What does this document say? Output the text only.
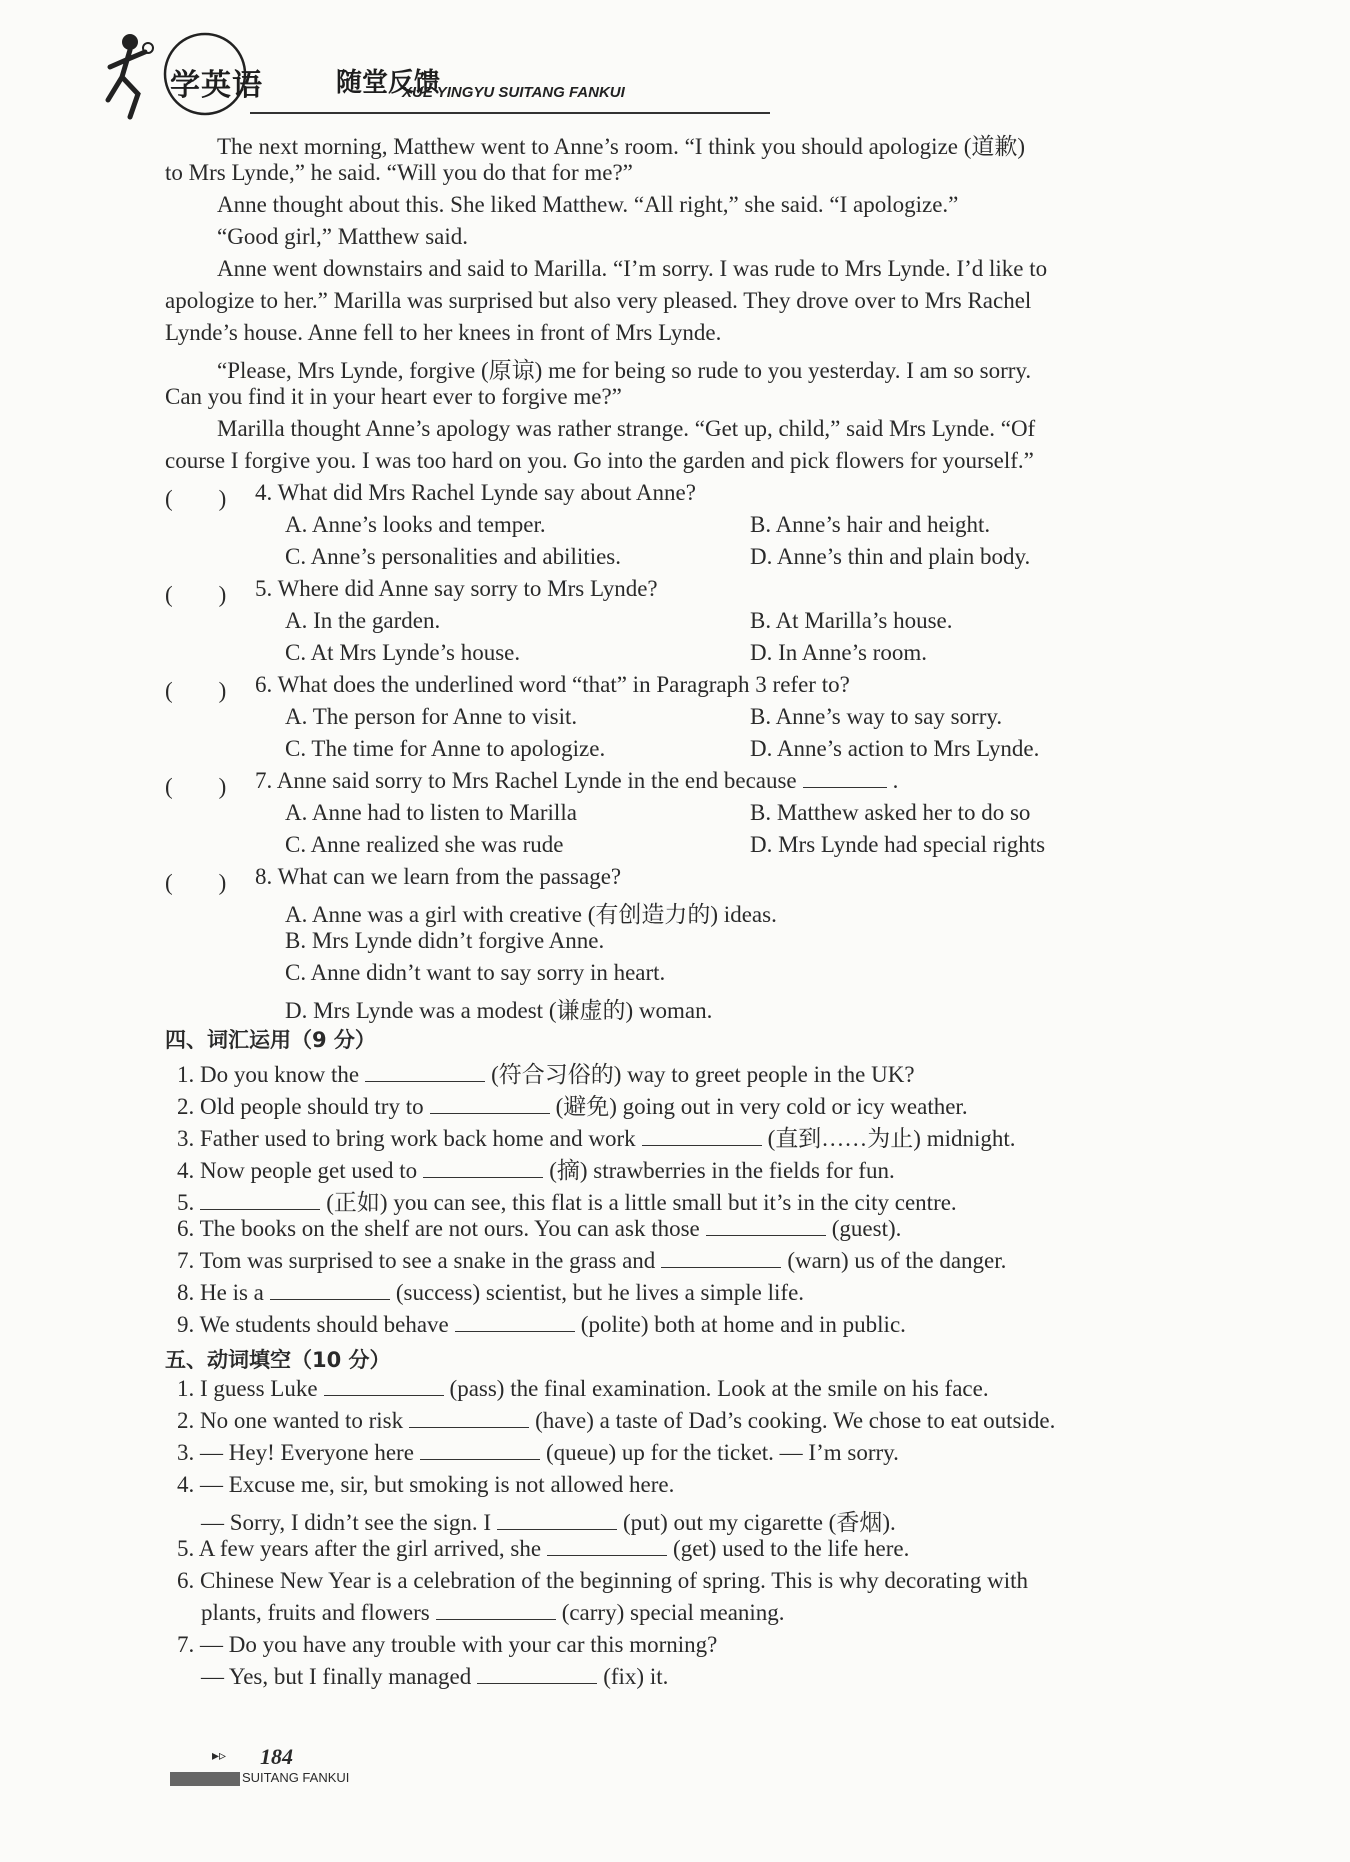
学英语	随堂反馈
XUE YINGYU SUITANG FANKUI
The next morning, Matthew went to Anne’s room. “I think you should apologize (道歉)
to Mrs Lynde,” he said. “Will you do that for me?”
Anne thought about this. She liked Matthew. “All right,” she said. “I apologize.”
“Good girl,” Matthew said.
Anne went downstairs and said to Marilla. “I’m sorry. I was rude to Mrs Lynde. I’d like to
apologize to her.” Marilla was surprised but also very pleased. They drove over to Mrs Rachel
Lynde’s house. Anne fell to her knees in front of Mrs Lynde.
“Please, Mrs Lynde, forgive (原谅) me for being so rude to you yesterday. I am so sorry.
Can you find it in your heart ever to forgive me?”
Marilla thought Anne’s apology was rather strange. “Get up, child,” said Mrs Lynde. “Of
course I forgive you. I was too hard on you. Go into the garden and pick flowers for yourself.”
(　　) 4. What did Mrs Rachel Lynde say about Anne?
A. Anne’s looks and temper.	B. Anne’s hair and height.
C. Anne’s personalities and abilities.	D. Anne’s thin and plain body.
(　　) 5. Where did Anne say sorry to Mrs Lynde?
A. In the garden.	B. At Marilla’s house.
C. At Mrs Lynde’s house.	D. In Anne’s room.
(　　) 6. What does the underlined word “that” in Paragraph 3 refer to?
A. The person for Anne to visit.	B. Anne’s way to say sorry.
C. The time for Anne to apologize.	D. Anne’s action to Mrs Lynde.
(　　) 7. Anne said sorry to Mrs Rachel Lynde in the end because	.
A. Anne had to listen to Marilla	B. Matthew asked her to do so
C. Anne realized she was rude	D. Mrs Lynde had special rights
(　　) 8. What can we learn from the passage?
A. Anne was a girl with creative (有创造力的) ideas.
B. Mrs Lynde didn’t forgive Anne.
C. Anne didn’t want to say sorry in heart.
D. Mrs Lynde was a modest (谦虚的) woman.
四、词汇运用（9 分）
1. Do you know the	(符合习俗的) way to greet people in the UK?
2. Old people should try to	(避免) going out in very cold or icy weather.
3. Father used to bring work back home and work	(直到……为止) midnight.
4. Now people get used to	(摘) strawberries in the fields for fun.
5.	(正如) you can see, this flat is a little small but it’s in the city centre.
6. The books on the shelf are not ours. You can ask those	(guest).
7. Tom was surprised to see a snake in the grass and	(warn) us of the danger.
8. He is a	(success) scientist, but he lives a simple life.
9. We students should behave	(polite) both at home and in public.
五、动词填空（10 分）
1. I guess Luke	(pass) the final examination. Look at the smile on his face.
2. No one wanted to risk	(have) a taste of Dad’s cooking. We chose to eat outside.
3. — Hey! Everyone here	(queue) up for the ticket. — I’m sorry.
4. — Excuse me, sir, but smoking is not allowed here.
— Sorry, I didn’t see the sign. I	(put) out my cigarette (香烟).
5. A few years after the girl arrived, she	(get) used to the life here.
6. Chinese New Year is a celebration of the beginning of spring. This is why decorating with
plants, fruits and flowers	(carry) special meaning.
7. — Do you have any trouble with your car this morning?
— Yes, but I finally managed	(fix) it.
▸▹ 184
SUITANG FANKUI
